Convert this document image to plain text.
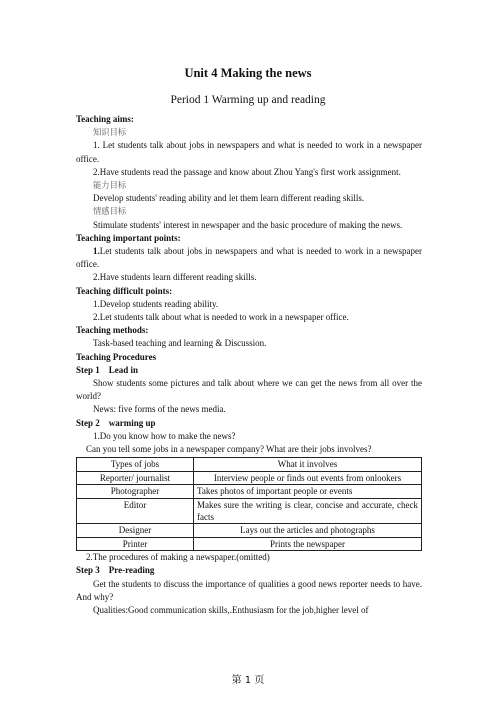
Unit 4 Making the news
Period 1 Warming up and reading

Teaching aims:

知识目标

1. Let students talk about jobs in newspapers and what is needed to work in a newspaper office.

2.Have students read the passage and know about Zhou Yang's first work assignment.

能力目标

Develop students' reading ability and let them learn different reading skills.

情感目标

Stimulate students' interest in newspaper and the basic procedure of making the news.

Teaching important points:

1.Let students talk about jobs in newspapers and what is needed to work in a newspaper office.

2.Have students learn different reading skills.

Teaching difficult points:

1.Develop students reading ability.

2.Let students talk about what is needed to work in a newspaper office.

Teaching methods:

Task-based teaching and learning & Discussion.

Teaching Procedures

Step 1    Lead in

Show students some pictures and talk about where we can get the news from all over the world?

News: five forms of the news media.

Step 2    warming up

1.Do you know how to make the news?

Can you tell some jobs in a newspaper company? What are their jobs involves?

Types of jobs	What it involves
Reporter/ journalist	Interview people or finds out events from onlookers
Photographer	Takes photos of important people or events
Editor	Makes sure the writing is clear, concise and accurate, check facts
Designer	Lays out the articles and photographs
Printer	Prints the newspaper

2.The procedures of making a newspaper.(omitted)

Step 3    Pre-reading

Get the students to discuss the importance of qualities a good news reporter needs to have. And why?

Qualities:Good communication skills,.Enthusiasm for the job,higher level of

第 1 页
